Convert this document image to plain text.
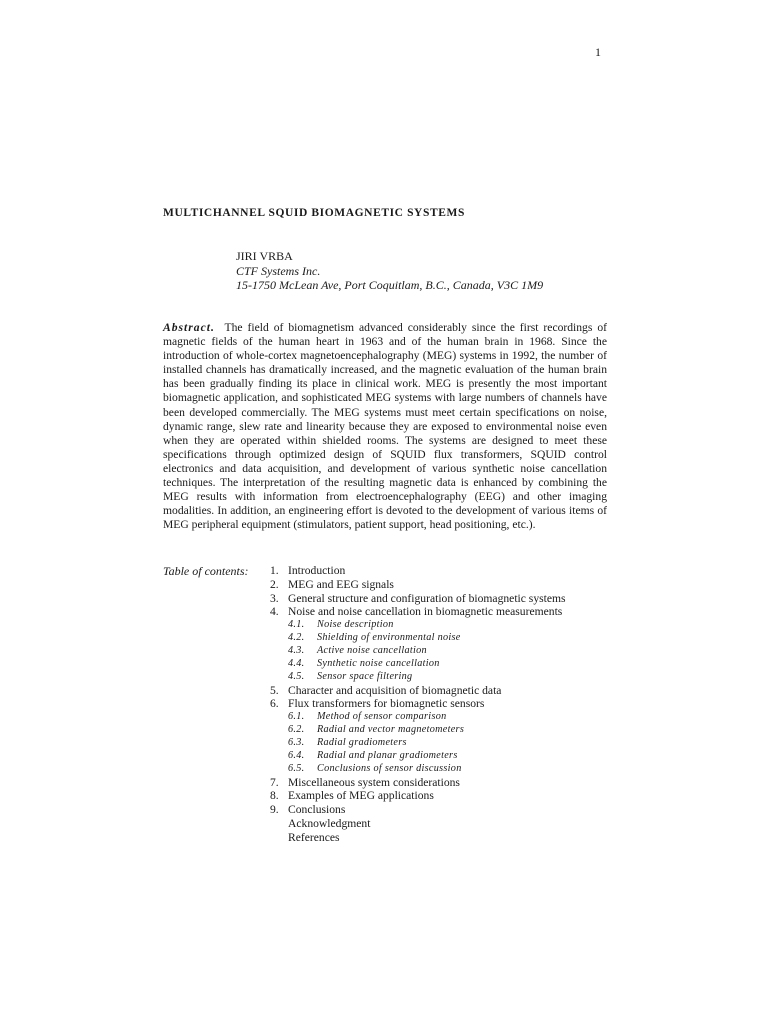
1
MULTICHANNEL SQUID BIOMAGNETIC SYSTEMS
JIRI VRBA
CTF Systems Inc.
15-1750 McLean Ave, Port Coquitlam, B.C., Canada, V3C 1M9

Abstract. The field of biomagnetism advanced considerably since the first recordings of magnetic fields of the human heart in 1963 and of the human brain in 1968. Since the introduction of whole-cortex magnetoencephalography (MEG) systems in 1992, the number of installed channels has dramatically increased, and the magnetic evaluation of the human brain has been gradually finding its place in clinical work. MEG is presently the most important biomagnetic application, and sophisticated MEG systems with large numbers of channels have been developed commercially. The MEG systems must meet certain specifications on noise, dynamic range, slew rate and linearity because they are exposed to environmental noise even when they are operated within shielded rooms. The systems are designed to meet these specifications through optimized design of SQUID flux transformers, SQUID control electronics and data acquisition, and development of various synthetic noise cancellation techniques. The interpretation of the resulting magnetic data is enhanced by combining the MEG results with information from electroencephalography (EEG) and other imaging modalities. In addition, an engineering effort is devoted to the development of various items of MEG peripheral equipment (stimulators, patient support, head positioning, etc.).

Table of contents: 1. Introduction
2. MEG and EEG signals
3. General structure and configuration of biomagnetic systems
4. Noise and noise cancellation in biomagnetic measurements
4.1. Noise description
4.2. Shielding of environmental noise
4.3. Active noise cancellation
4.4. Synthetic noise cancellation
4.5. Sensor space filtering
5. Character and acquisition of biomagnetic data
6. Flux transformers for biomagnetic sensors
6.1. Method of sensor comparison
6.2. Radial and vector magnetometers
6.3. Radial gradiometers
6.4. Radial and planar gradiometers
6.5. Conclusions of sensor discussion
7. Miscellaneous system considerations
8. Examples of MEG applications
9. Conclusions
Acknowledgment
References
